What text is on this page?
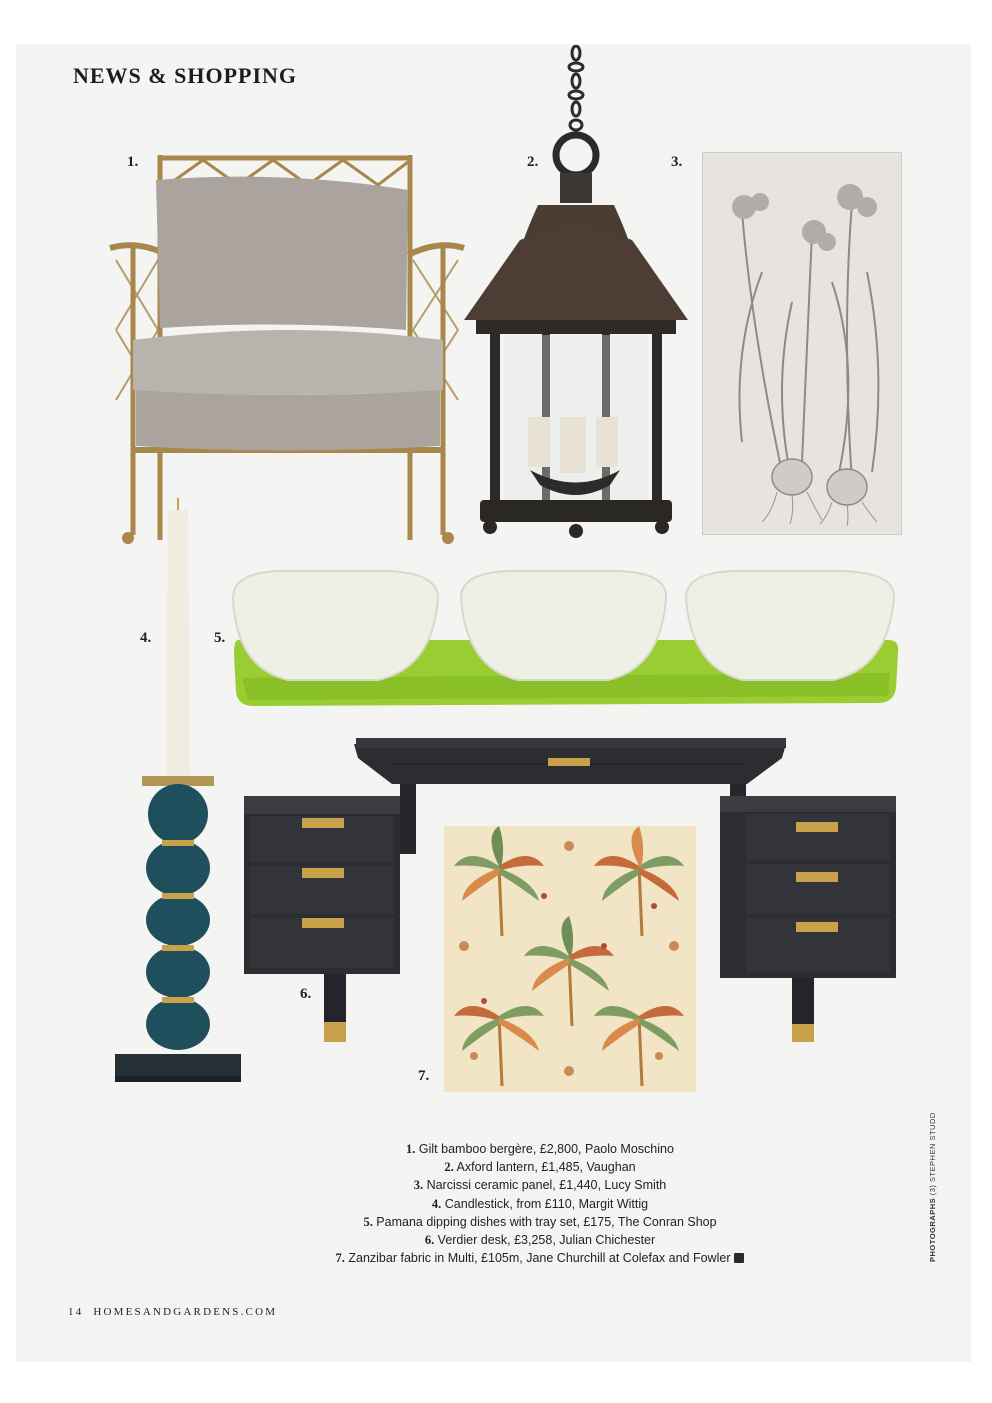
NEWS & SHOPPING
1.	2.	3.
4.	5.
6.
7.
1. Gilt bamboo bergère, £2,800, Paolo Moschino
2. Axford lantern, £1,485, Vaughan
3. Narcissi ceramic panel, £1,440, Lucy Smith
4. Candlestick, from £110, Margit Wittig
5. Pamana dipping dishes with tray set, £175, The Conran Shop
6. Verdier desk, £3,258, Julian Chichester
7. Zanzibar fabric in Multi, £105m, Jane Churchill at Colefax and Fowler	PHOTOGRAPHS (3) STEPHEN STUDD
14 HOMESANDGARDENS.COM
